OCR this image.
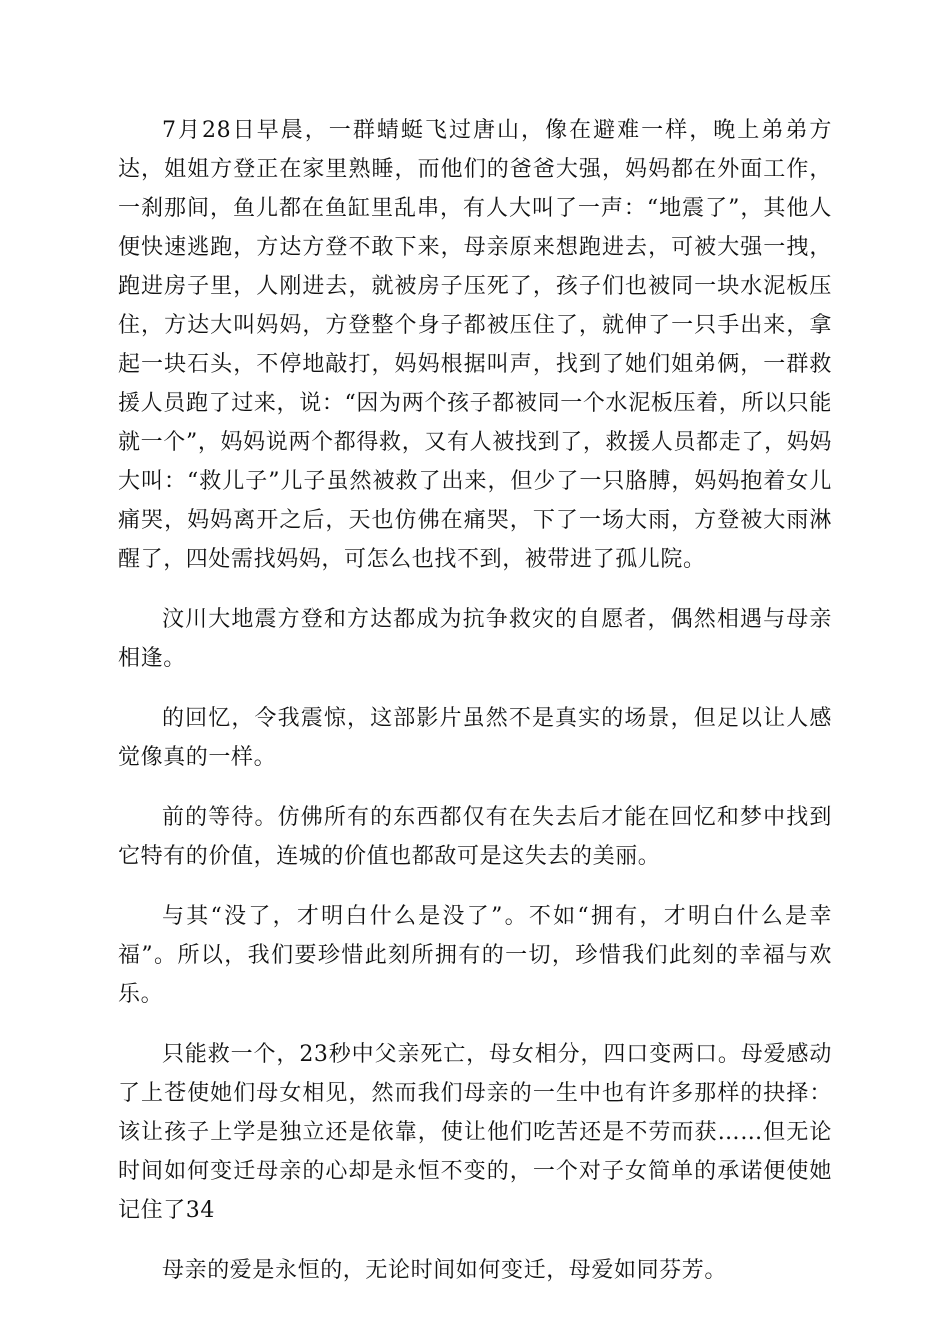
7月28日早晨，一群蜻蜓飞过唐山，像在避难一样，晚上弟弟方达，姐姐方登正在家里熟睡，而他们的爸爸大强，妈妈都在外面工作，一刹那间，鱼儿都在鱼缸里乱串，有人大叫了一声：“地震了”，其他人便快速逃跑，方达方登不敢下来，母亲原来想跑进去，可被大强一拽，跑进房子里，人刚进去，就被房子压死了，孩子们也被同一块水泥板压住，方达大叫妈妈，方登整个身子都被压住了，就伸了一只手出来，拿起一块石头，不停地敲打，妈妈根据叫声，找到了她们姐弟俩，一群救援人员跑了过来，说：“因为两个孩子都被同一个水泥板压着，所以只能就一个”，妈妈说两个都得救，又有人被找到了，救援人员都走了，妈妈大叫：“救儿子”儿子虽然被救了出来，但少了一只胳膊，妈妈抱着女儿痛哭，妈妈离开之后，天也仿佛在痛哭，下了一场大雨，方登被大雨淋醒了，四处需找妈妈，可怎么也找不到，被带进了孤儿院。

汶川大地震方登和方达都成为抗争救灾的自愿者，偶然相遇与母亲相逢。

的回忆，令我震惊，这部影片虽然不是真实的场景，但足以让人感觉像真的一样。

前的等待。仿佛所有的东西都仅有在失去后才能在回忆和梦中找到它特有的价值，连城的价值也都敌可是这失去的美丽。

与其“没了，才明白什么是没了”。不如“拥有，才明白什么是幸福”。所以，我们要珍惜此刻所拥有的一切，珍惜我们此刻的幸福与欢乐。

只能救一个，23秒中父亲死亡，母女相分，四口变两口。母爱感动了上苍使她们母女相见，然而我们母亲的一生中也有许多那样的抉择：该让孩子上学是独立还是依靠，使让他们吃苦还是不劳而获……但无论时间如何变迁母亲的心却是永恒不变的，一个对子女简单的承诺便使她记住了34

母亲的爱是永恒的，无论时间如何变迁，母爱如同芬芳。
